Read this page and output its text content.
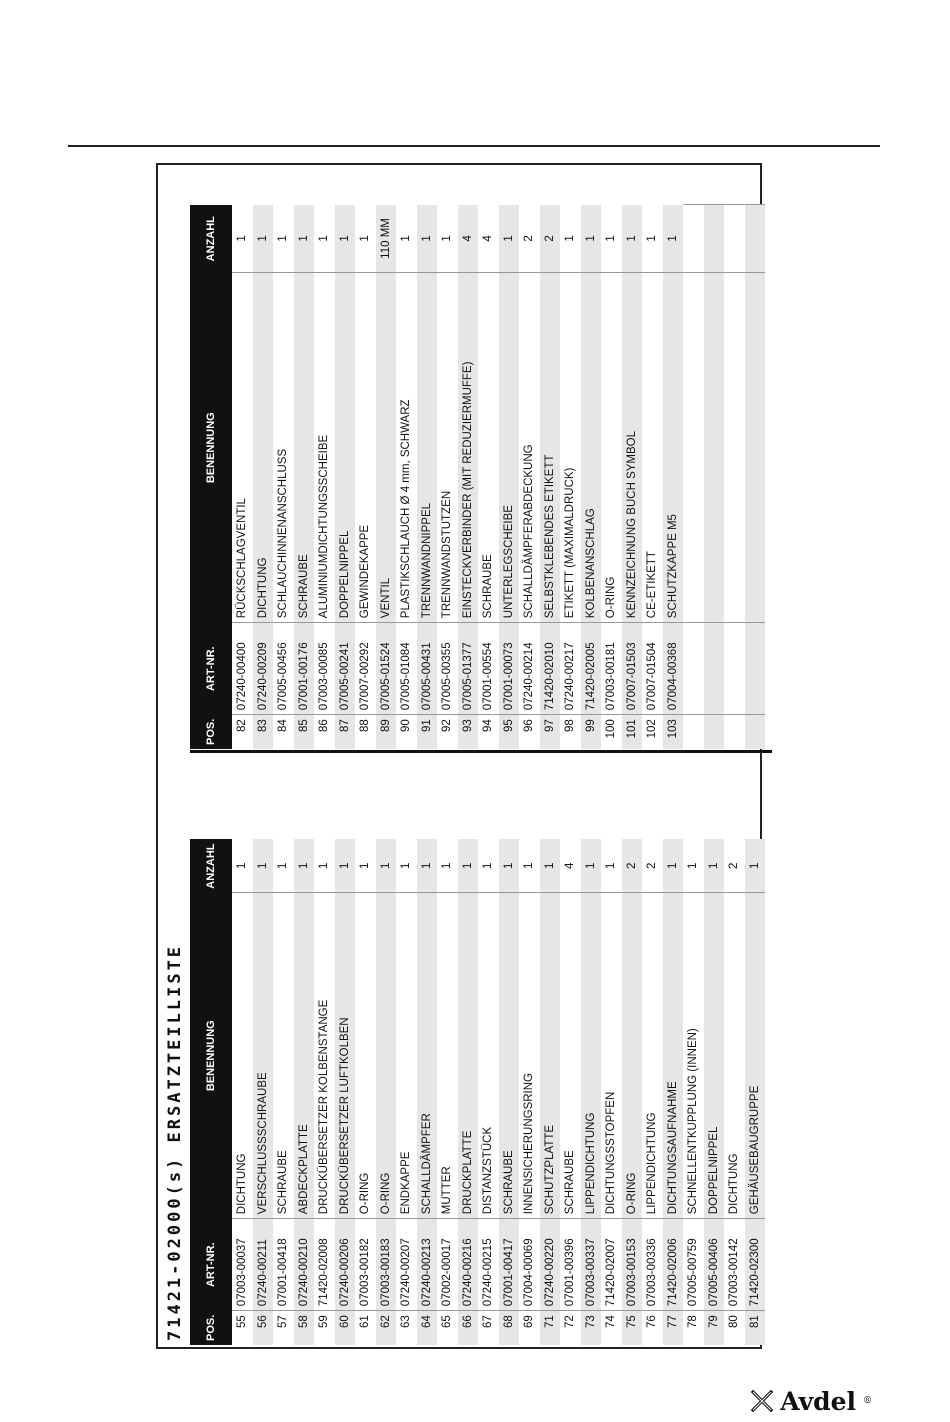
71421-02000(s) ERSATZTEILLISTE	POS.	ART-NR.	BENENNUNG	ANZAHL
55	07003-00037	DICHTUNG	1
56	07240-00211	VERSCHLUSSSCHRAUBE	1
57	07001-00418	SCHRAUBE	1
58	07240-00210	ABDECKPLATTE	1
59	71420-02008	DRUCKÜBERSETZER KOLBENSTANGE	1
60	07240-00206	DRUCKÜBERSETZER LUFTKOLBEN	1
61	07003-00182	O-RING	1
62	07003-00183	O-RING	1
63	07240-00207	ENDKAPPE	1
64	07240-00213	SCHALLDÄMPFER	1
65	07002-00017	MUTTER	1
66	07240-00216	DRUCKPLATTE	1
67	07240-00215	DISTANZSTÜCK	1
68	07001-00417	SCHRAUBE	1
69	07004-00069	INNENSICHERUNGSRING	1
71	07240-00220	SCHUTZPLATTE	1
72	07001-00396	SCHRAUBE	4
73	07003-00337	LIPPENDICHTUNG	1
74	71420-02007	DICHTUNGSSTOPFEN	1
75	07003-00153	O-RING	2
76	07003-00336	LIPPENDICHTUNG	2
77	71420-02006	DICHTUNGSAUFNAHME	1
78	07005-00759	SCHNELLENTKUPPLUNG (INNEN)	1
79	07005-00406	DOPPELNIPPEL	1
80	07003-00142	DICHTUNG	2
81	71420-02300	GEHÄUSEBAUGRUPPE	1
POS.	ART-NR.	BENENNUNG	ANZAHL
82	07240-00400	RÜCKSCHLAGVENTIL	1
83	07240-00209	DICHTUNG	1
84	07005-00456	SCHLAUCHINNENANSCHLUSS	1
85	07001-00176	SCHRAUBE	1
86	07003-00085	ALUMINIUMDICHTUNGSSCHEIBE	1
87	07005-00241	DOPPELNIPPEL	1
88	07007-00292	GEWINDEKAPPE	1
89	07005-01524	VENTIL	110 MM
90	07005-01084	PLASTIKSCHLAUCH Ø 4 mm, SCHWARZ	1
91	07005-00431	TRENNWANDNIPPEL	1
92	07005-00355	TRENNWANDSTUTZEN	1
93	07005-01377	EINSTECKVERBINDER (MIT REDUZIERMUFFE)	4
94	07001-00554	SCHRAUBE	4
95	07001-00073	UNTERLEGSCHEIBE	1
96	07240-00214	SCHALLDÄMPFERABDECKUNG	2
97	71420-02010	SELBSTKLEBENDES ETIKETT	2
98	07240-00217	ETIKETT (MAXIMALDRUCK)	1
99	71420-02005	KOLBENANSCHLAG	1
100	07003-00181	O-RING	1
101	07007-01503	KENNZEICHNUNG BUCH SYMBOL	1
102	07007-01504	CE-ETIKETT	1
103	07004-00368	SCHUTZKAPPE M5	1

Avdel ®
